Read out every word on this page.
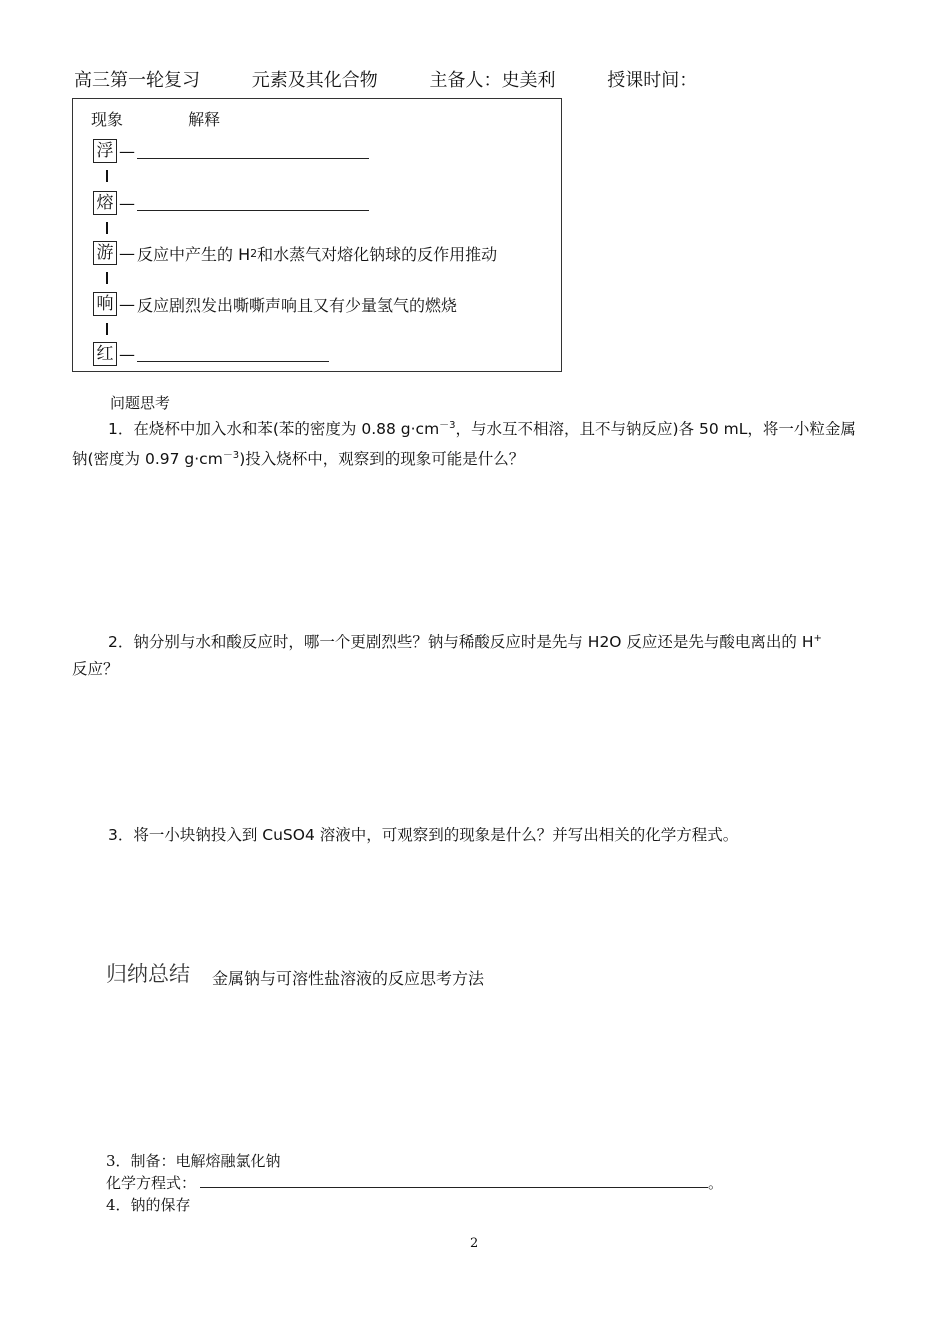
高三第一轮复习	元素及其化合物	主备人：史美利	授课时间：
现象	解释
浮 —
熔 —
游 — 反应中产生的 H 2 和水蒸气对熔化钠球的反作用推动
响 — 反应剧烈发出嘶嘶声响且又有少量氢气的燃烧
红 —
问题思考
1．在烧杯中加入水和苯(苯的密度为 0.88 $g\cdot cm^{-3}$，与水互不相溶，且不与钠反应)各 50 mL，将一小粒金属
钠(密度为 0.97 $g\cdot cm^{-3}$)投入烧杯中，观察到的现象可能是什么？
2．钠分别与水和酸反应时，哪一个更剧烈些？钠与稀酸反应时是先与 H2O 反应还是先与酸电离出的 H+
反应？
3．将一小块钠投入到 CuSO4 溶液中，可观察到的现象是什么？并写出相关的化学方程式。
归纳总结 金属钠与可溶性盐溶液的反应思考方法
3．制备：电解熔融氯化钠
化学方程式：	。
4．钠的保存
2
